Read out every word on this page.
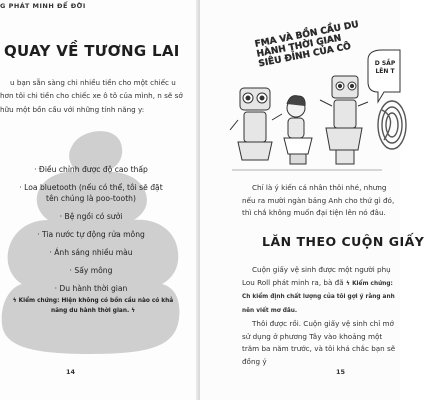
G PHÁT MINH ĐỂ ĐỜI
QUAY VỀ TƯƠNG LAI

u bạn sẵn sàng chi nhiều tiền cho một chiếc u hơn tôi chi tiền cho chiếc xe ô tô của mình, n sẽ sở hữu một bồn cầu với những tính năng y:

· Điều chỉnh được độ cao thấp
· Loa bluetooth (nếu có thể, tôi sẽ đặt tên chúng là poo-tooth)
· Bệ ngồi có sưởi
· Tia nước tự động rửa mông
· Ánh sáng nhiều màu
· Sấy mông
· Du hành thời gian
ϟ Kiểm chứng: Hiện không có bồn cầu nào có khả năng du hành thời gian. ϟ
14
FMA VÀ BỒN CẦU DU HÀNH THỜI GIAN SIÊU ĐỈNH CỦA CÔ	D SẮP LÊN T

Chỉ là ý kiến cá nhân thôi nhé, nhưng nếu ra mười ngàn bảng Anh cho thứ gì đó, thì chắ không muốn đại tiện lên nó đâu.

LĂN THEO CUỘN GIẤY

Cuộn giấy vệ sinh được một người phụ Lou Roll phát minh ra, bà đã ϟ Kiểm chứng: Ch kiểm định chất lượng của tôi gợi ý rằng anh nên viết mơ đâu.

Thôi được rồi. Cuộn giấy vệ sinh chỉ mớ sử dụng ở phương Tây vào khoảng một trăm ba năm trước, và tôi khá chắc bạn sẽ đồng ý

15
